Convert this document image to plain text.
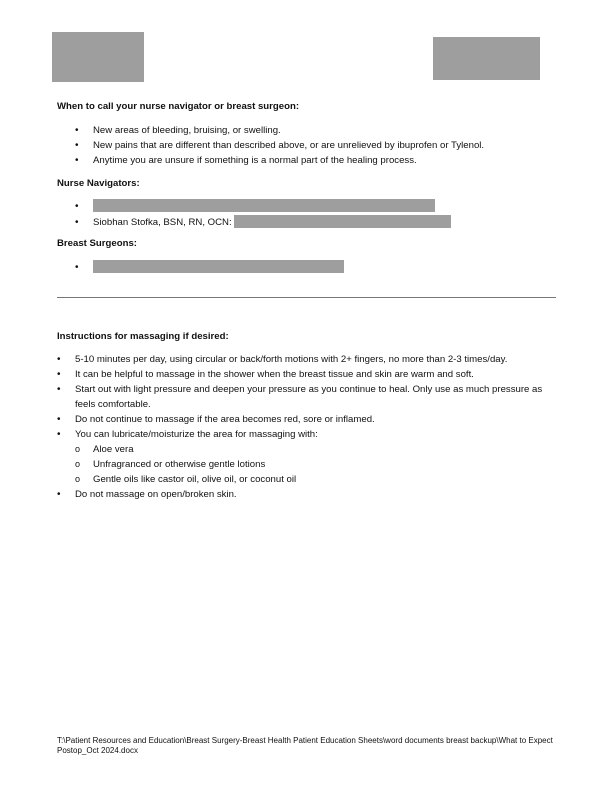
When to call your nurse navigator or breast surgeon:
• New areas of bleeding, bruising, or swelling.
• New pains that are different than described above, or are unrelieved by ibuprofen or Tylenol.
• Anytime you are unsure if something is a normal part of the healing process.
Nurse Navigators:
•
• Siobhan Stofka, BSN, RN, OCN:
Breast Surgeons:
•
Instructions for massaging if desired:
• 5-10 minutes per day, using circular or back/forth motions with 2+ fingers, no more than 2-3 times/day.
• It can be helpful to massage in the shower when the breast tissue and skin are warm and soft.
• Start out with light pressure and deepen your pressure as you continue to heal. Only use as much pressure as feels comfortable.
• Do not continue to massage if the area becomes red, sore or inflamed.
• You can lubricate/moisturize the area for massaging with:
o Aloe vera
o Unfragranced or otherwise gentle lotions
o Gentle oils like castor oil, olive oil, or coconut oil
• Do not massage on open/broken skin.
T:\Patient Resources and Education\Breast Surgery-Breast Health Patient Education Sheets\word documents breast backup\What to Expect Postop_Oct 2024.docx
